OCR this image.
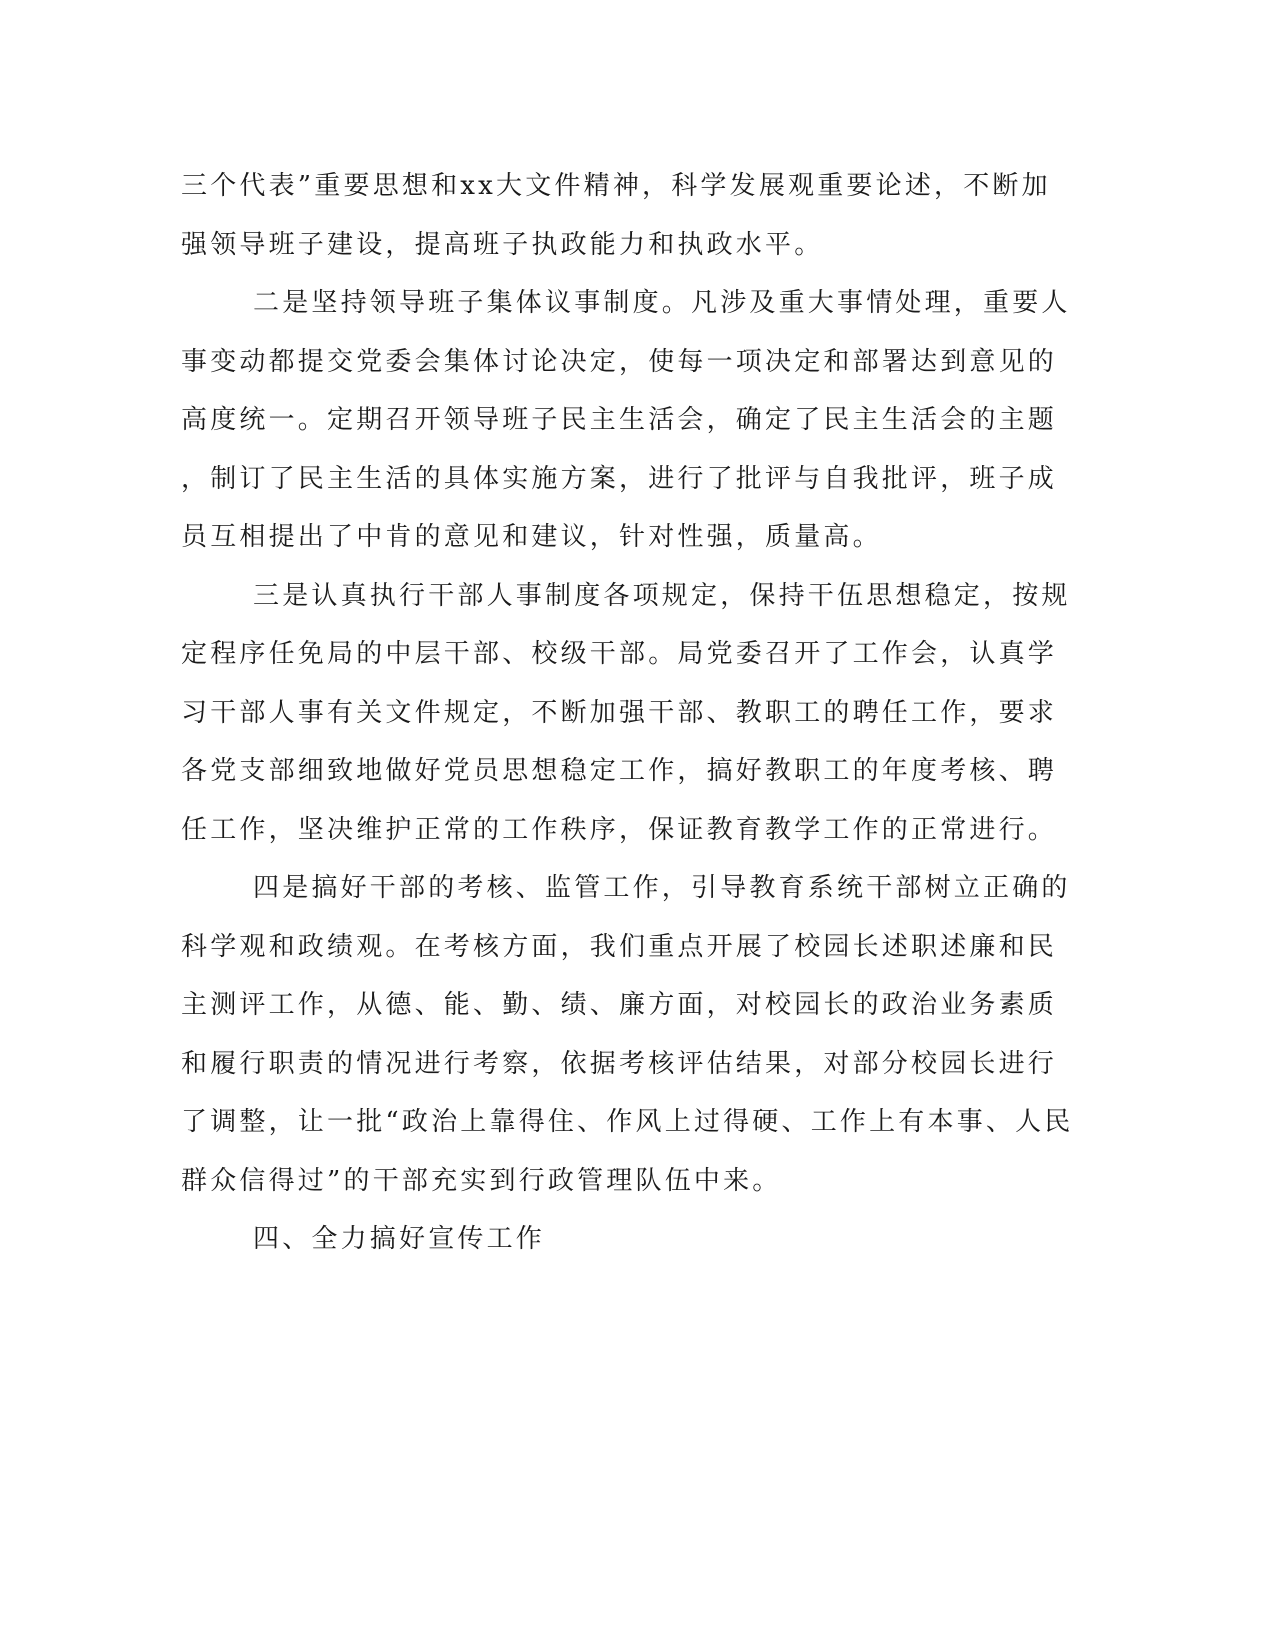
三个代表”重要思想和xx大文件精神，科学发展观重要论述，不断加
强领导班子建设，提高班子执政能力和执政水平。
二是坚持领导班子集体议事制度。凡涉及重大事情处理，重要人
事变动都提交党委会集体讨论决定，使每一项决定和部署达到意见的
高度统一。定期召开领导班子民主生活会，确定了民主生活会的主题
，制订了民主生活的具体实施方案，进行了批评与自我批评，班子成
员互相提出了中肯的意见和建议，针对性强，质量高。
三是认真执行干部人事制度各项规定，保持干伍思想稳定，按规
定程序任免局的中层干部、校级干部。局党委召开了工作会，认真学
习干部人事有关文件规定，不断加强干部、教职工的聘任工作，要求
各党支部细致地做好党员思想稳定工作，搞好教职工的年度考核、聘
任工作，坚决维护正常的工作秩序，保证教育教学工作的正常进行。
四是搞好干部的考核、监管工作，引导教育系统干部树立正确的
科学观和政绩观。在考核方面，我们重点开展了校园长述职述廉和民
主测评工作，从德、能、勤、绩、廉方面，对校园长的政治业务素质
和履行职责的情况进行考察，依据考核评估结果，对部分校园长进行
了调整，让一批“政治上靠得住、作风上过得硬、工作上有本事、人民
群众信得过”的干部充实到行政管理队伍中来。
四、全力搞好宣传工作
